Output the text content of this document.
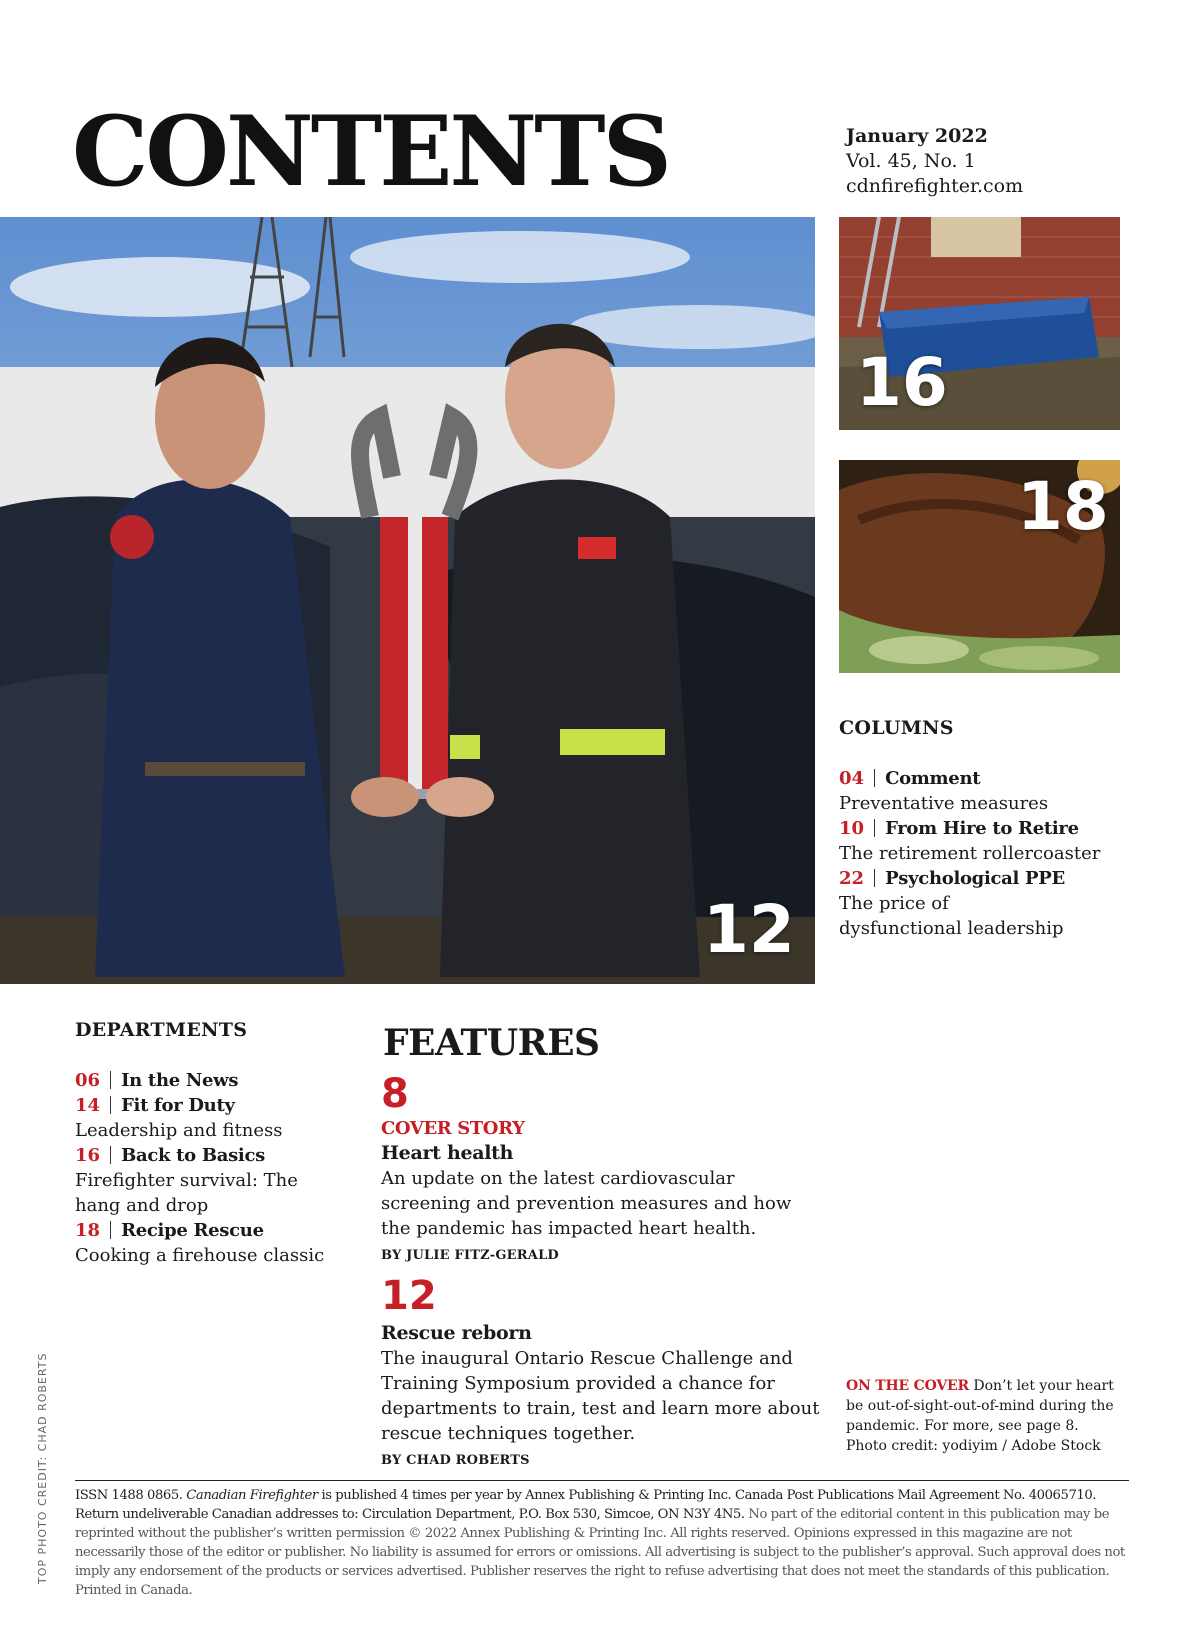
CONTENTS	January 2022
Vol. 45, No. 1
cdnfirefighter.com
12
16
18
COLUMNS
04 Comment
Preventative measures
10 From Hire to Retire
The retirement rollercoaster
22 Psychological PPE
The price of dysfunctional leadership
DEPARTMENTS
06 In the News
14 Fit for Duty
Leadership and fitness
16 Back to Basics
Firefighter survival: The hang and drop
18 Recipe Rescue
Cooking a firehouse classic
FEATURES
8
COVER STORY
Heart health
An update on the latest cardiovascular screening and prevention measures and how the pandemic has impacted heart health.
BY JULIE FITZ-GERALD
12
Rescue reborn
The inaugural Ontario Rescue Challenge and Training Symposium provided a chance for departments to train, test and learn more about rescue techniques together.
BY CHAD ROBERTS
ON THE COVER Don’t let your heart be out-of-sight-out-of-mind during the pandemic. For more, see page 8. Photo credit: yodiyim / Adobe Stock
TOP PHOTO CREDIT: CHAD ROBERTS ISSN 1488 0865. Canadian Firefighter is published 4 times per year by Annex Publishing & Printing Inc. Canada Post Publications Mail Agreement No. 40065710. Return undeliverable Canadian addresses to: Circulation Department, P.O. Box 530, Simcoe, ON N3Y 4N5. No part of the editorial content in this publication may be reprinted without the publisher’s written permission © 2022 Annex Publishing & Printing Inc. All rights reserved. Opinions expressed in this magazine are not necessarily those of the editor or publisher. No liability is assumed for errors or omissions. All advertising is subject to the publisher’s approval. Such approval does not imply any endorsement of the products or services advertised. Publisher reserves the right to refuse advertising that does not meet the standards of this publication. Printed in Canada.
